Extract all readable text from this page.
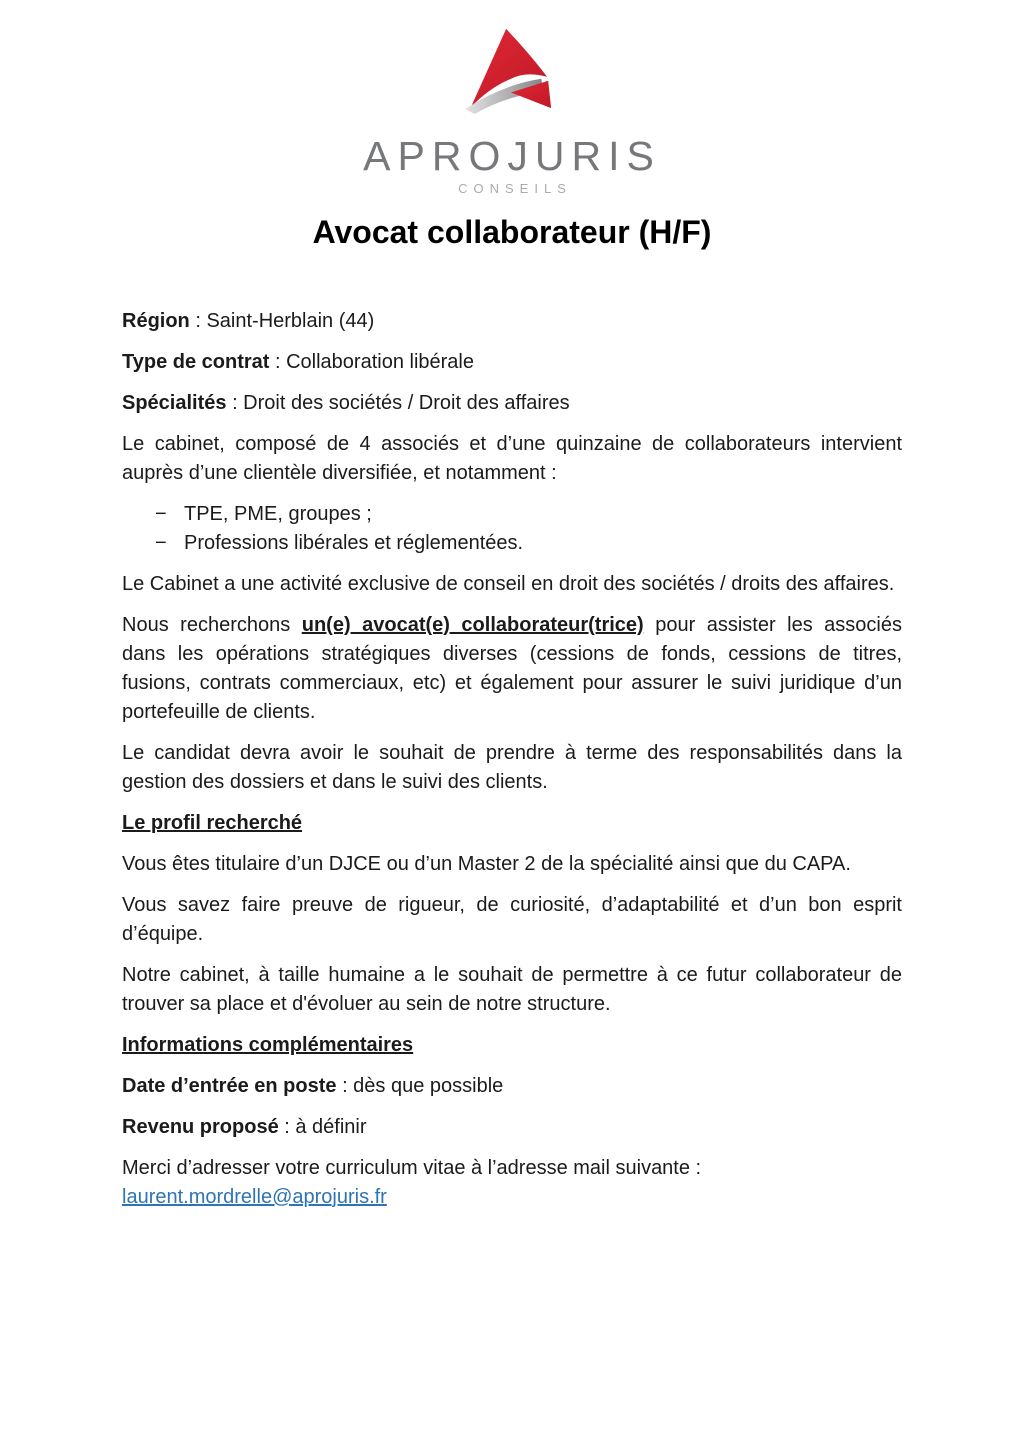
APROJURIS
CONSEILS
Avocat collaborateur (H/F)

Région : Saint-Herblain (44)

Type de contrat : Collaboration libérale

Spécialités : Droit des sociétés / Droit des affaires

Le cabinet, composé de 4 associés et d’une quinzaine de collaborateurs intervient auprès d’une clientèle diversifiée, et notamment :

− TPE, PME, groupes ;
− Professions libérales et réglementées.

Le Cabinet a une activité exclusive de conseil en droit des sociétés / droits des affaires.

Nous recherchons un(e) avocat(e) collaborateur(trice) pour assister les associés dans les opérations stratégiques diverses (cessions de fonds, cessions de titres, fusions, contrats commerciaux, etc) et également pour assurer le suivi juridique d’un portefeuille de clients.

Le candidat devra avoir le souhait de prendre à terme des responsabilités dans la gestion des dossiers et dans le suivi des clients.

Le profil recherché

Vous êtes titulaire d’un DJCE ou d’un Master 2 de la spécialité ainsi que du CAPA.

Vous savez faire preuve de rigueur, de curiosité, d’adaptabilité et d’un bon esprit d’équipe.

Notre cabinet, à taille humaine a le souhait de permettre à ce futur collaborateur de trouver sa place et d'évoluer au sein de notre structure.

Informations complémentaires

Date d’entrée en poste : dès que possible

Revenu proposé : à définir

Merci d’adresser votre curriculum vitae à l’adresse mail suivante :
laurent.mordrelle@aprojuris.fr
